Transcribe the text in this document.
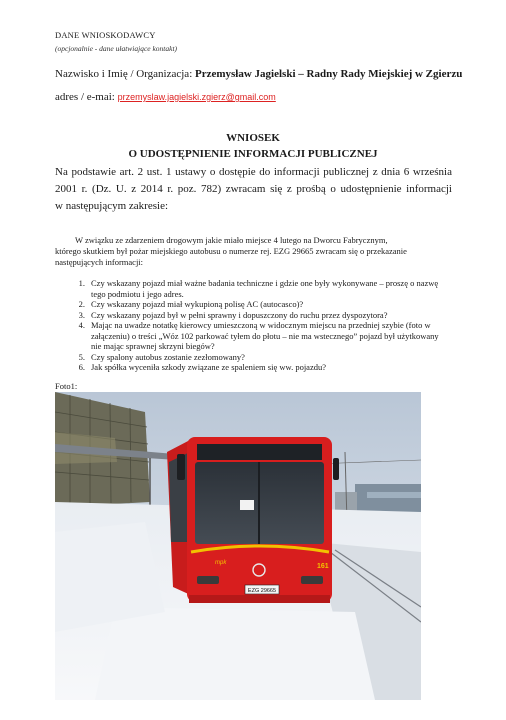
DANE WNIOSKODAWCY
(opcjonalnie - dane ułatwiające kontakt)
Nazwisko i Imię / Organizacja: Przemysław Jagielski – Radny Rady Miejskiej w Zgierzu
adres / e-mai: przemyslaw.jagielski.zgierz@gmail.com
WNIOSEK
O UDOSTĘPNIENIE INFORMACJI PUBLICZNEJ
Na podstawie art. 2 ust. 1 ustawy o dostępie do informacji publicznej z dnia 6 września
2001 r. (Dz. U. z 2014 r. poz. 782) zwracam się z prośbą o udostępnienie informacji
w następującym zakresie:
W związku ze zdarzeniem drogowym jakie miało miejsce 4 lutego na Dworcu Fabrycznym,
którego skutkiem był pożar miejskiego autobusu o numerze rej. EZG 29665 zwracam się o przekazanie
następujących informacji:
1. Czy wskazany pojazd miał ważne badania techniczne i gdzie one były wykonywane – proszę o nazwę tego podmiotu i jego adres.
2. Czy wskazany pojazd miał wykupioną polisę AC (autocasco)?
3. Czy wskazany pojazd był w pełni sprawny i dopuszczony do ruchu przez dyspozytora?
4. Mając na uwadze notatkę kierowcy umieszczoną w widocznym miejscu na przedniej szybie (foto w załączeniu) o treści „Wóz 102 parkować tyłem do płotu – nie ma wstecznego” pojazd był użytkowany nie mając sprawnej skrzyni biegów?
5. Czy spalony autobus zostanie zezłomowany?
6. Jak spółka wyceniła szkody związane ze spaleniem się ww. pojazdu?
Foto1:
mpk	161
EZG 29665
